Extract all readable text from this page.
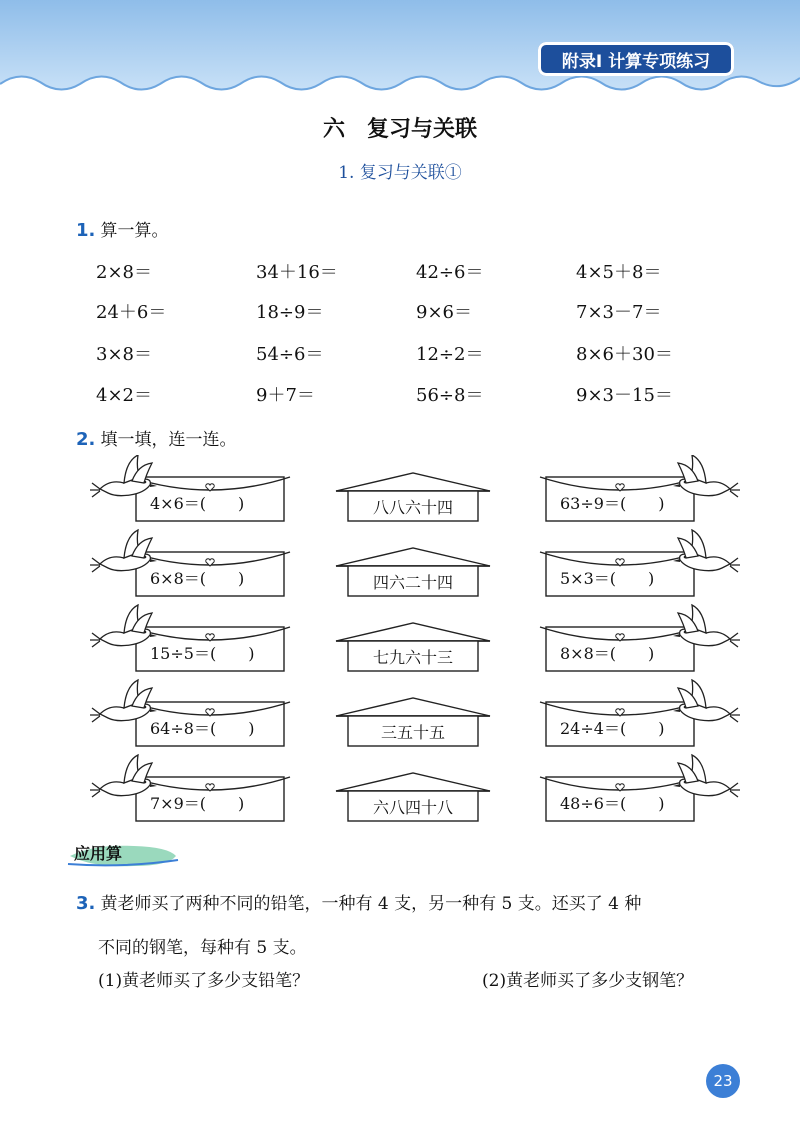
附录Ⅰ 计算专项练习
六　复习与关联
1. 复习与关联①
1. 算一算。
2×8＝	34＋16＝	42÷6＝	4×5＋8＝
24＋6＝	18÷9＝	9×6＝	7×3－7＝
3×8＝	54÷6＝	12÷2＝	8×6＋30＝
4×2＝	9＋7＝	56÷8＝	9×3－15＝
2. 填一填，连一连。
4×6＝(　　)	八八六十四	63÷9＝(　　)
6×8＝(　　)	四六二十四	5×3＝(　　)
15÷5＝(　　)	七九六十三	8×8＝(　　)
64÷8＝(　　)	三五十五	24÷4＝(　　)
7×9＝(　　)	六八四十八	48÷6＝(　　)
应用算
3. 黄老师买了两种不同的铅笔，一种有 4 支，另一种有 5 支。还买了 4 种
不同的钢笔，每种有 5 支。
(1)黄老师买了多少支铅笔？	(2)黄老师买了多少支钢笔？
23
